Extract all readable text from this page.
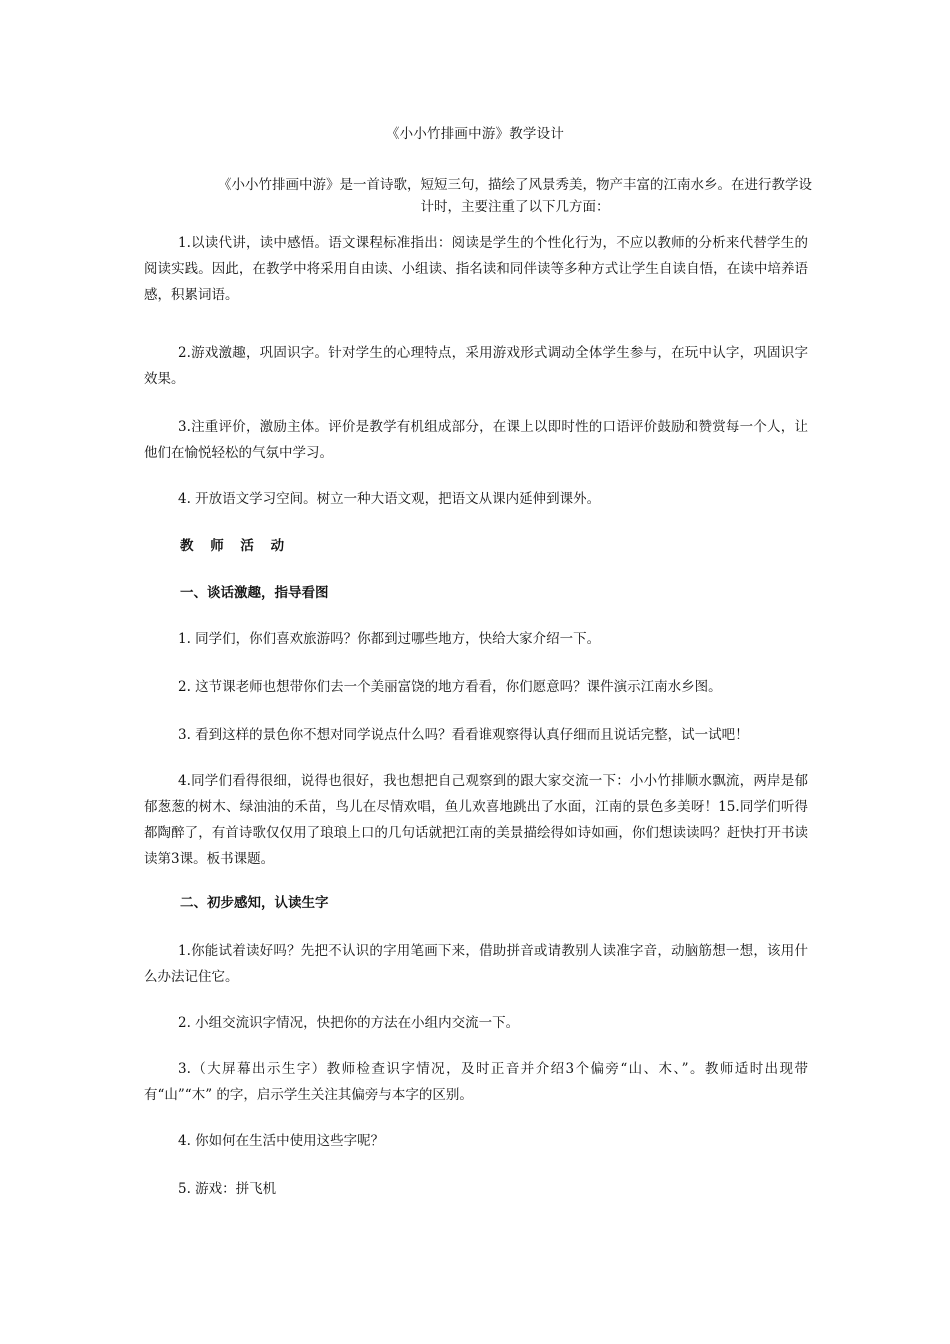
《小小竹排画中游》教学设计
《小小竹排画中游》是一首诗歌，短短三句，描绘了风景秀美，物产丰富的江南水乡。在进行教学设计时，主要注重了以下几方面：
1.以读代讲，读中感悟。语文课程标准指出：阅读是学生的个性化行为，不应以教师的分析来代替学生的阅读实践。因此，在教学中将采用自由读、小组读、指名读和同伴读等多种方式让学生自读自悟，在读中培养语感，积累词语。
2.游戏激趣，巩固识字。针对学生的心理特点，采用游戏形式调动全体学生参与，在玩中认字，巩固识字效果。
3.注重评价，激励主体。评价是教学有机组成部分，在课上以即时性的口语评价鼓励和赞赏每一个人，让他们在愉悦轻松的气氛中学习。
4. 开放语文学习空间。树立一种大语文观，把语文从课内延伸到课外。
教 师 活 动
一、谈话激趣，指导看图
1. 同学们，你们喜欢旅游吗？你都到过哪些地方，快给大家介绍一下。
2. 这节课老师也想带你们去一个美丽富饶的地方看看，你们愿意吗？课件演示江南水乡图。
3. 看到这样的景色你不想对同学说点什么吗？看看谁观察得认真仔细而且说话完整，试一试吧！
4.同学们看得很细，说得也很好，我也想把自己观察到的跟大家交流一下：小小竹排顺水飘流，两岸是郁郁葱葱的树木、绿油油的禾苗，鸟儿在尽情欢唱，鱼儿欢喜地跳出了水面，江南的景色多美呀！15.同学们听得都陶醉了，有首诗歌仅仅用了琅琅上口的几句话就把江南的美景描绘得如诗如画，你们想读读吗？赶快打开书读读第3课。板书课题。
二、初步感知，认读生字
1.你能试着读好吗？先把不认识的字用笔画下来，借助拼音或请教别人读准字音，动脑筋想一想，该用什么办法记住它。
2. 小组交流识字情况，快把你的方法在小组内交流一下。
3.（大屏幕出示生字）教师检查识字情况，及时正音并介绍3个偏旁“山、木、”。教师适时出现带有“山”“木” 的字，启示学生关注其偏旁与本字的区别。
4. 你如何在生活中使用这些字呢？
5. 游戏：拼飞机
